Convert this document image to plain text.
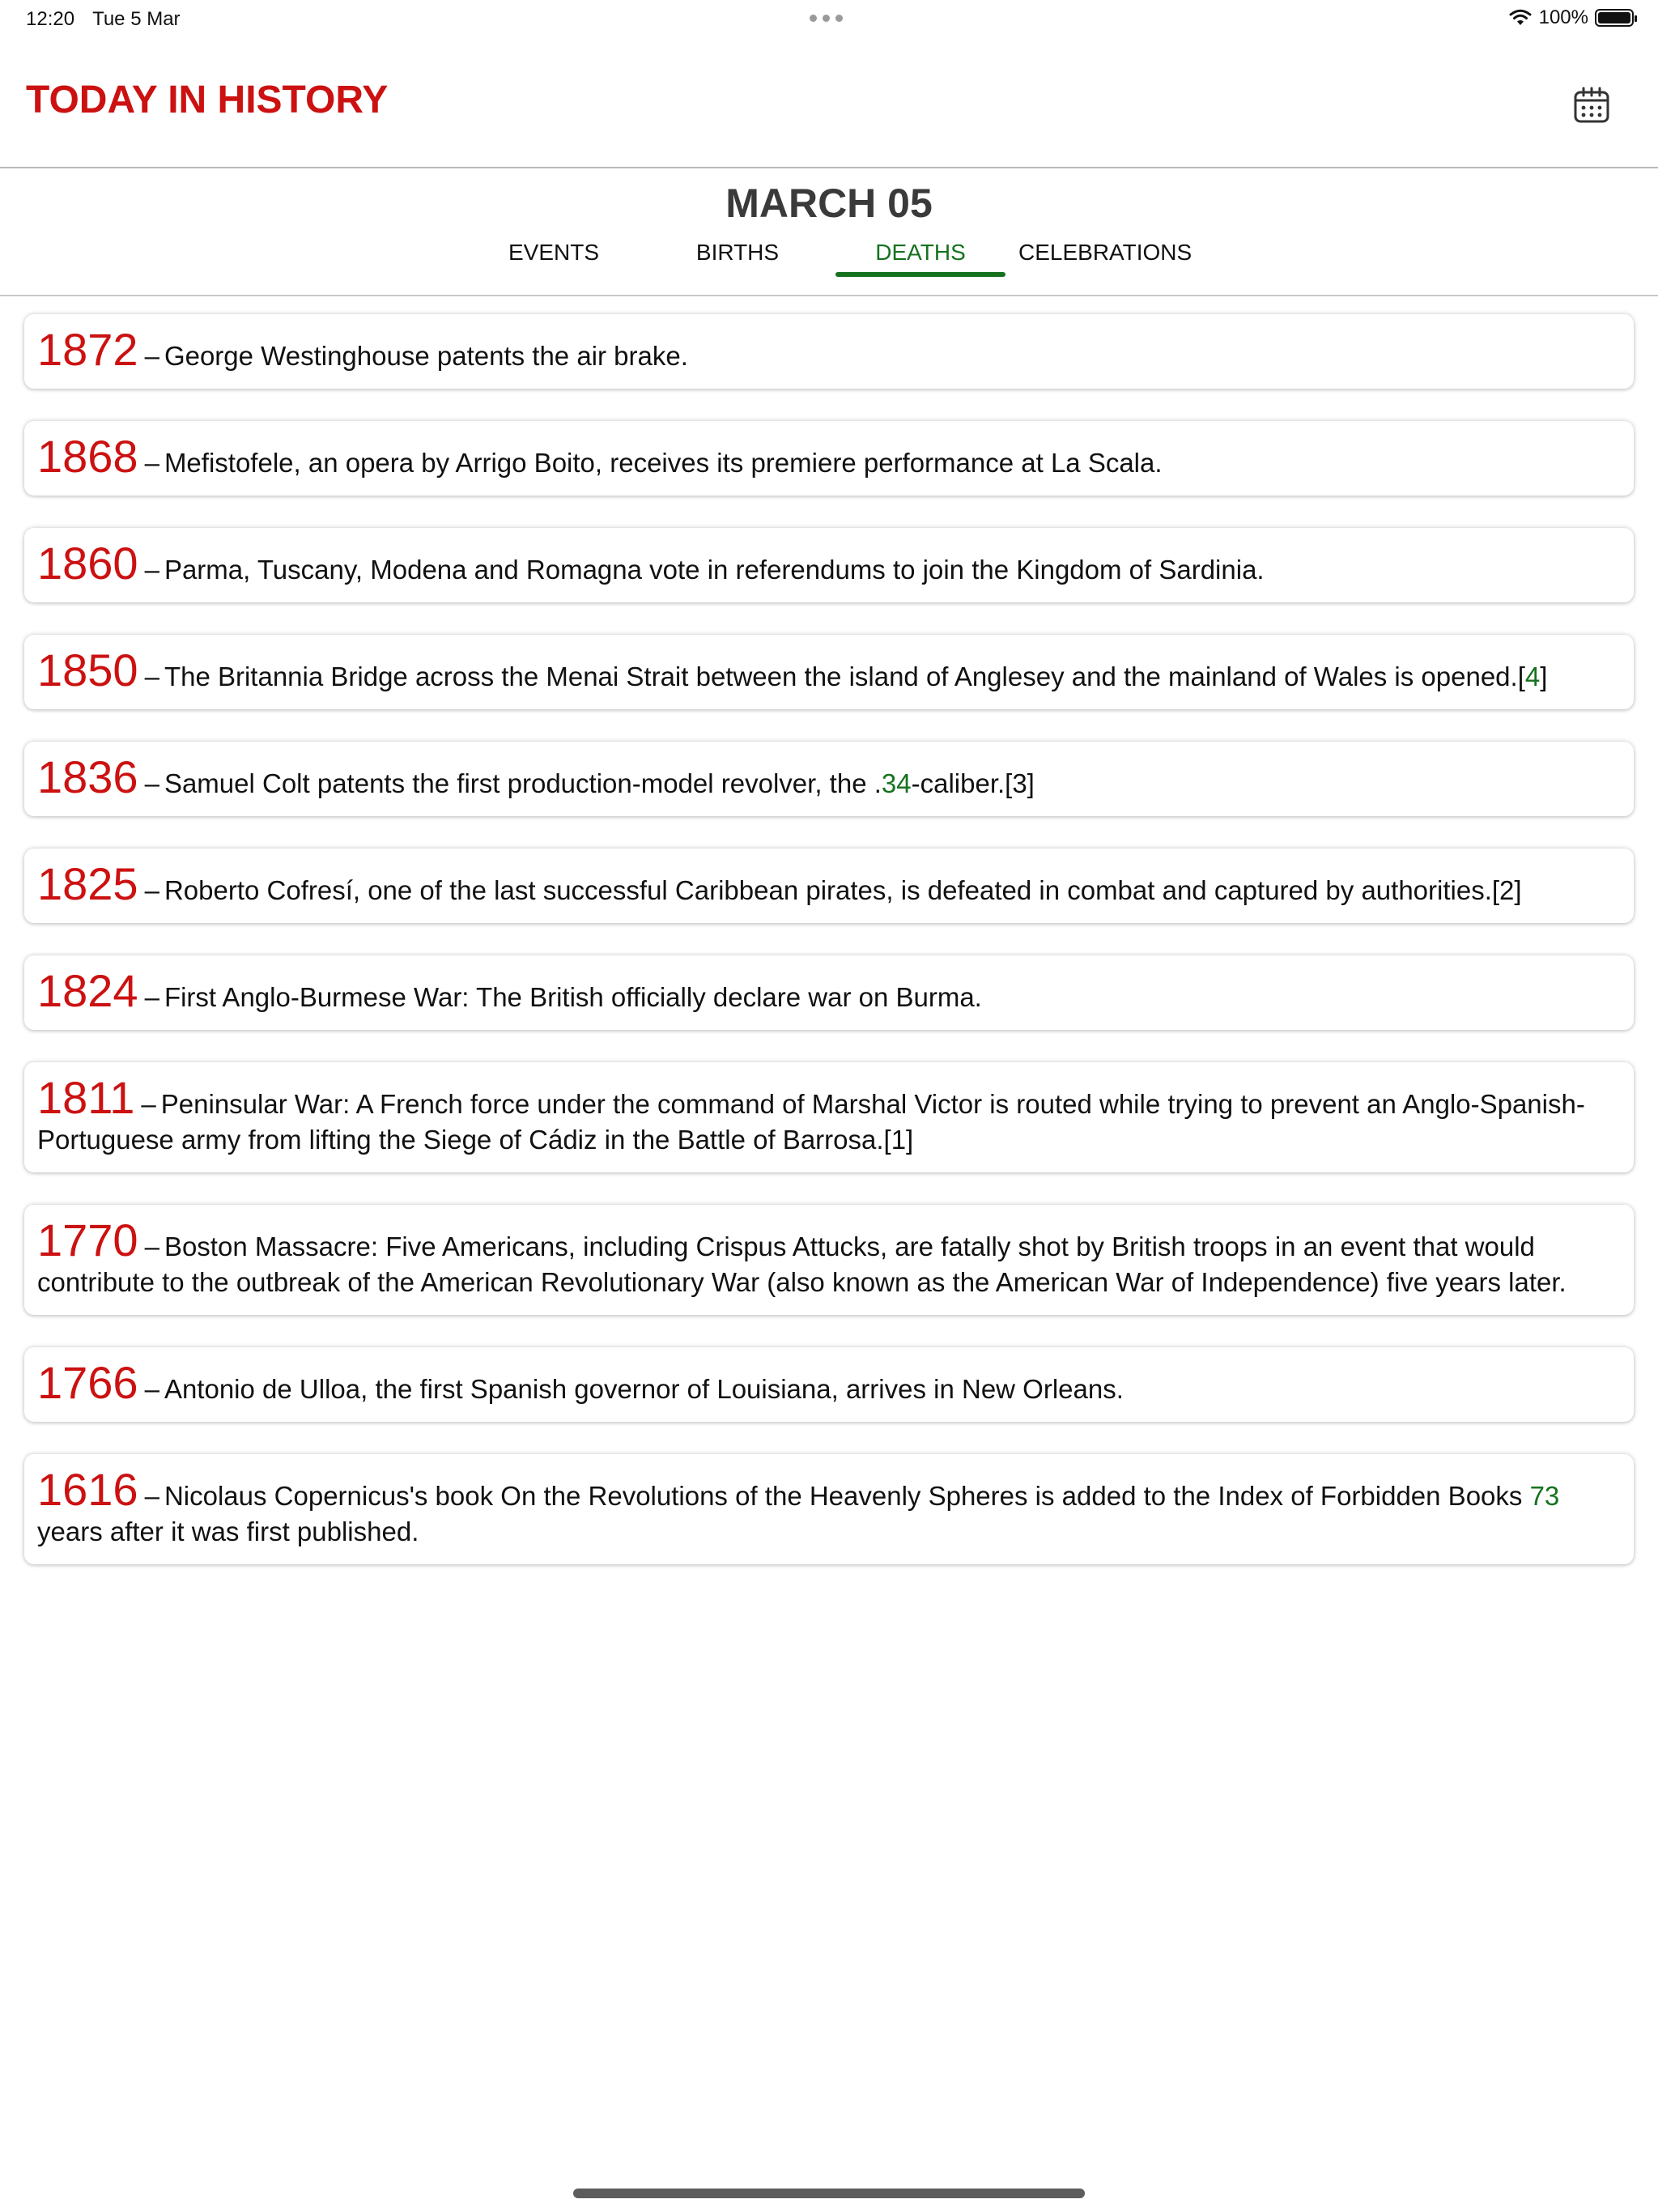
12:20 Tue 5 Mar	100%
TODAY IN HISTORY
MARCH 05
EVENTS	BIRTHS	DEATHS	CELEBRATIONS
1872 – George Westinghouse patents the air brake.
1868 – Mefistofele, an opera by Arrigo Boito, receives its premiere performance at La Scala.
1860 – Parma, Tuscany, Modena and Romagna vote in referendums to join the Kingdom of Sardinia.
1850 – The Britannia Bridge across the Menai Strait between the island of Anglesey and the mainland of Wales is opened.[4]
1836 – Samuel Colt patents the first production-model revolver, the .34-caliber.[3]
1825 – Roberto Cofresí, one of the last successful Caribbean pirates, is defeated in combat and captured by authorities.[2]
1824 – First Anglo-Burmese War: The British officially declare war on Burma.
1811 – Peninsular War: A French force under the command of Marshal Victor is routed while trying to prevent an Anglo-Spanish-Portuguese army from lifting the Siege of Cádiz in the Battle of Barrosa.[1]
1770 – Boston Massacre: Five Americans, including Crispus Attucks, are fatally shot by British troops in an event that would contribute to the outbreak of the American Revolutionary War (also known as the American War of Independence) five years later.
1766 – Antonio de Ulloa, the first Spanish governor of Louisiana, arrives in New Orleans.
1616 – Nicolaus Copernicus's book On the Revolutions of the Heavenly Spheres is added to the Index of Forbidden Books 73 years after it was first published.
